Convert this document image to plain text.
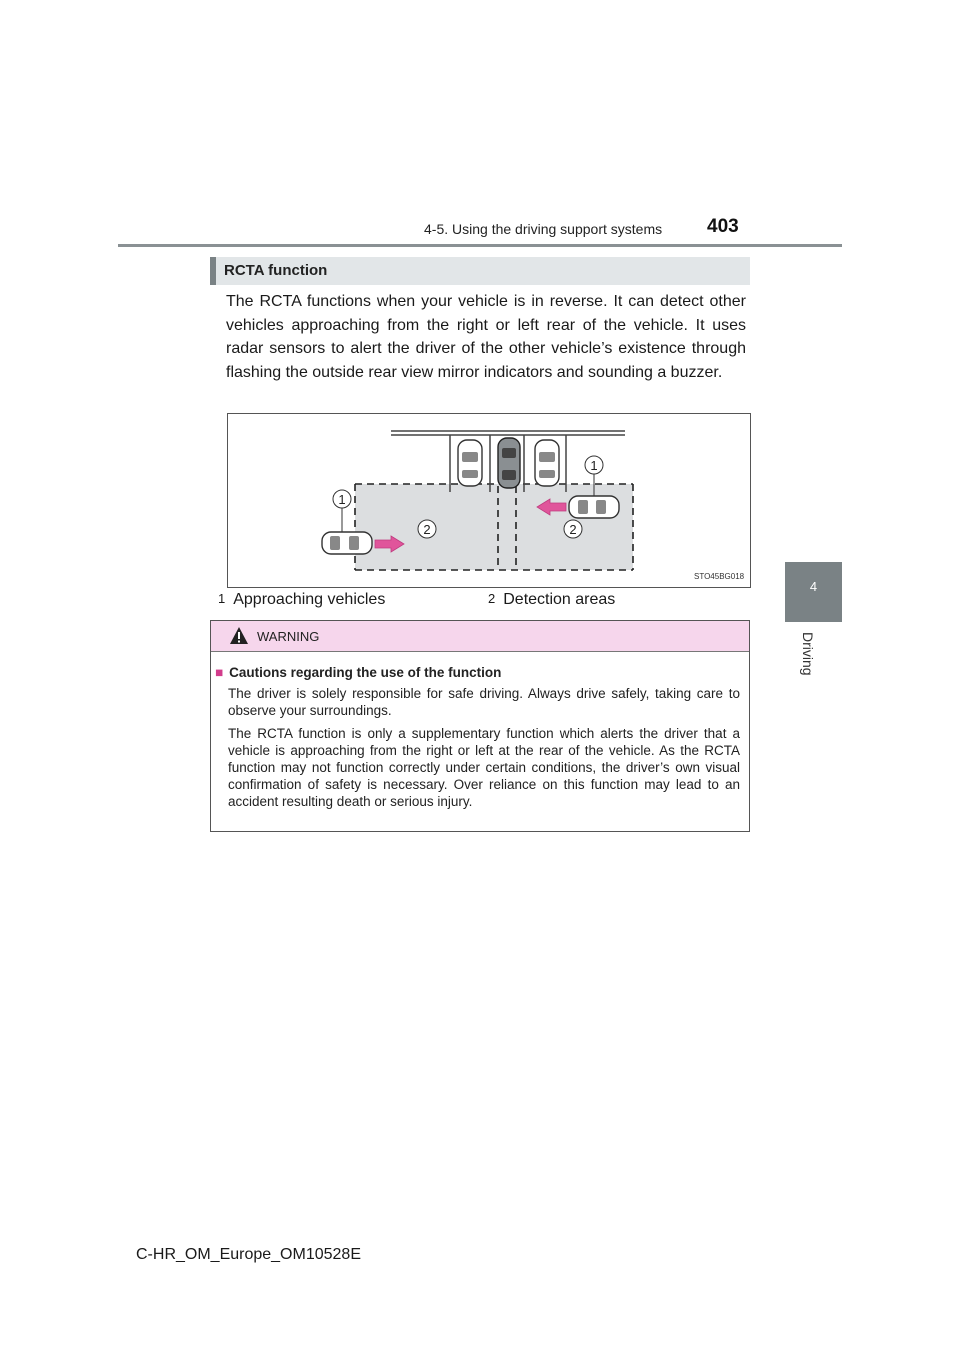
4-5. Using the driving support systems 403
4
Driving
RCTA function
The RCTA functions when your vehicle is in reverse. It can detect other vehicles approaching from the right or left rear of the vehicle. It uses radar sensors to alert the driver of the other vehicle’s existence through flashing the outside rear view mirror indicators and sounding a buzzer.
1
1
2	2
STO45BG018
1 Approaching vehicles	2 Detection areas
WARNING
■ Cautions regarding the use of the function
The driver is solely responsible for safe driving. Always drive safely, taking care to observe your surroundings.
The RCTA function is only a supplementary function which alerts the driver that a vehicle is approaching from the right or left at the rear of the vehicle. As the RCTA function may not function correctly under certain conditions, the driver’s own visual confirmation of safety is necessary. Over reliance on this function may lead to an accident resulting death or serious injury.
C-HR_OM_Europe_OM10528E
